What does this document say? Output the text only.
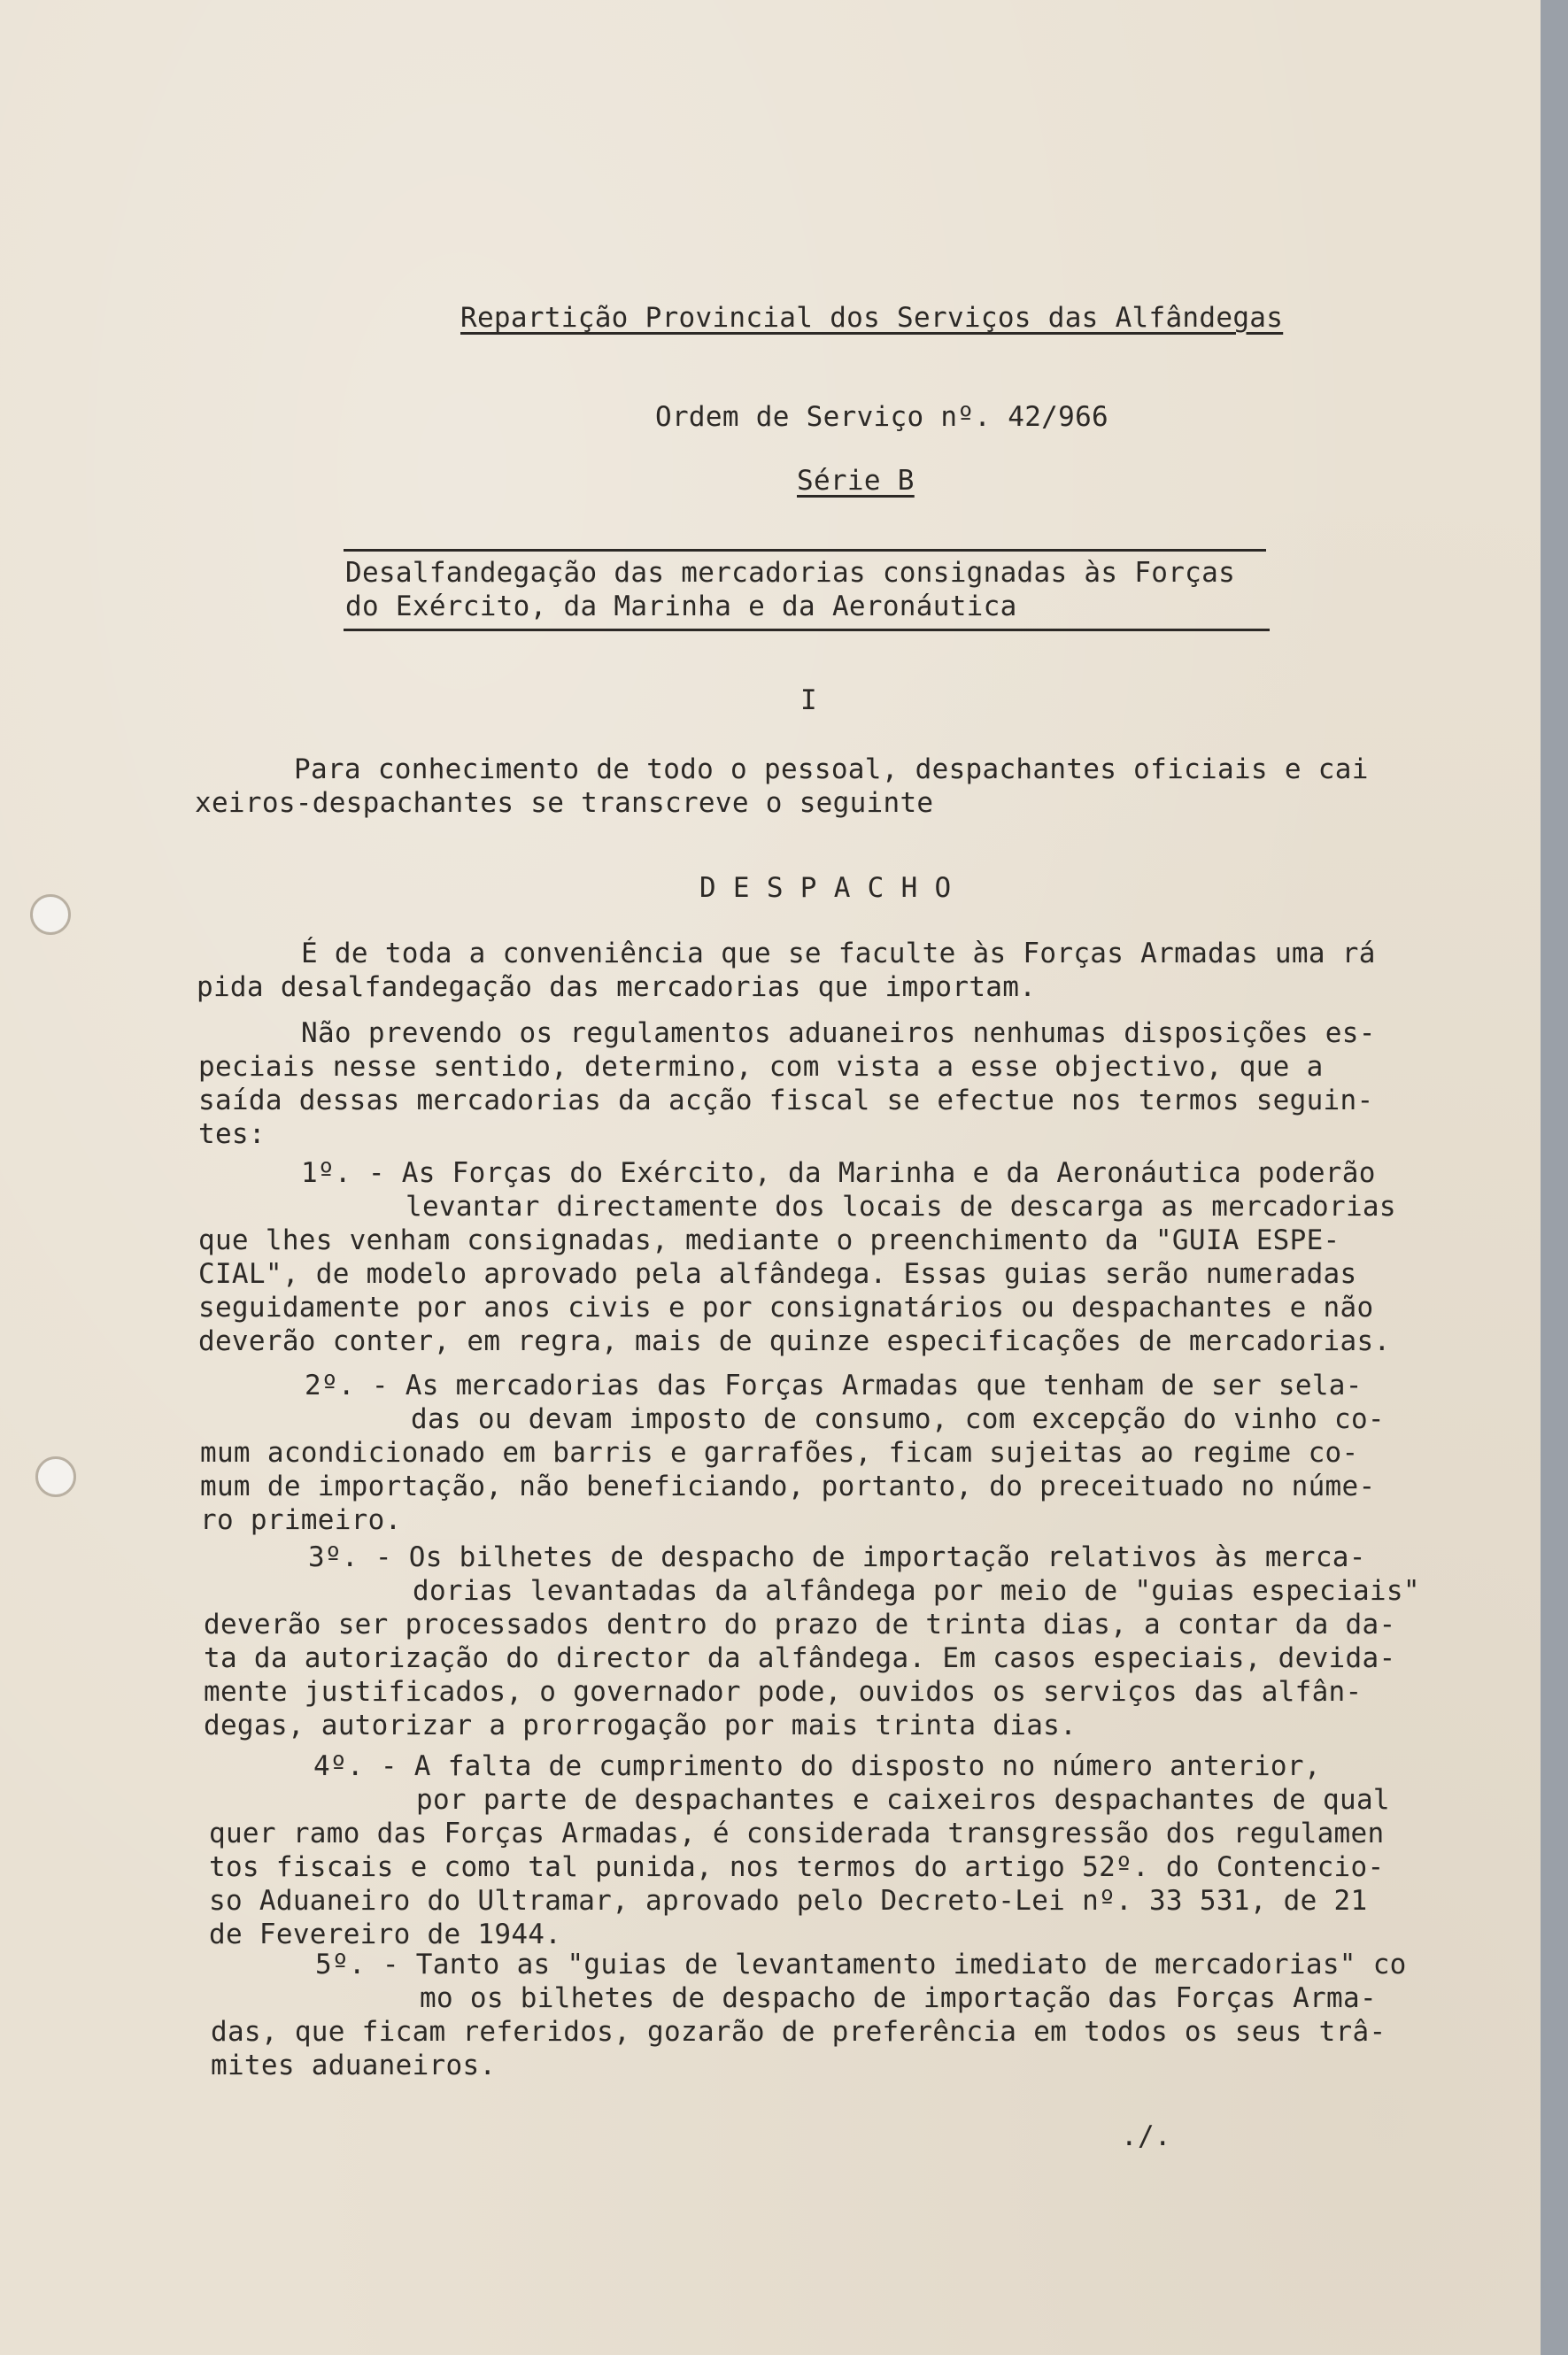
Repartição Provincial dos Serviços das Alfândegas
Ordem de Serviço nº. 42/966
Série B
Desalfandegação das mercadorias consignadas às Forças
do Exército, da Marinha e da Aeronáutica
I
Para conhecimento de todo o pessoal, despachantes oficiais e cai
xeiros-despachantes se transcreve o seguinte
D E S P A C H O
É de toda a conveniência que se faculte às Forças Armadas uma rá
pida desalfandegação das mercadorias que importam.
Não prevendo os regulamentos aduaneiros nenhumas disposições es-
peciais nesse sentido, determino, com vista a esse objectivo, que a
saída dessas mercadorias da acção fiscal se efectue nos termos seguin-
tes:
1º. - As Forças do Exército, da Marinha e da Aeronáutica poderão
levantar directamente dos locais de descarga as mercadorias
que lhes venham consignadas, mediante o preenchimento da "GUIA ESPE-
CIAL", de modelo aprovado pela alfândega. Essas guias serão numeradas
seguidamente por anos civis e por consignatários ou despachantes e não
deverão conter, em regra, mais de quinze especificações de mercadorias.
2º. - As mercadorias das Forças Armadas que tenham de ser sela-
das ou devam imposto de consumo, com excepção do vinho co-
mum acondicionado em barris e garrafões, ficam sujeitas ao regime co-
mum de importação, não beneficiando, portanto, do preceituado no núme-
ro primeiro.
3º. - Os bilhetes de despacho de importação relativos às merca-
dorias levantadas da alfândega por meio de "guias especiais"
deverão ser processados dentro do prazo de trinta dias, a contar da da-
ta da autorização do director da alfândega. Em casos especiais, devida-
mente justificados, o governador pode, ouvidos os serviços das alfân-
degas, autorizar a prorrogação por mais trinta dias.
4º. - A falta de cumprimento do disposto no número anterior,
por parte de despachantes e caixeiros despachantes de qual
quer ramo das Forças Armadas, é considerada transgressão dos regulamen
tos fiscais e como tal punida, nos termos do artigo 52º. do Contencio-
so Aduaneiro do Ultramar, aprovado pelo Decreto-Lei nº. 33 531, de 21
de Fevereiro de 1944.
5º. - Tanto as "guias de levantamento imediato de mercadorias" co
mo os bilhetes de despacho de importação das Forças Arma-
das, que ficam referidos, gozarão de preferência em todos os seus trâ-
mites aduaneiros.
./.
